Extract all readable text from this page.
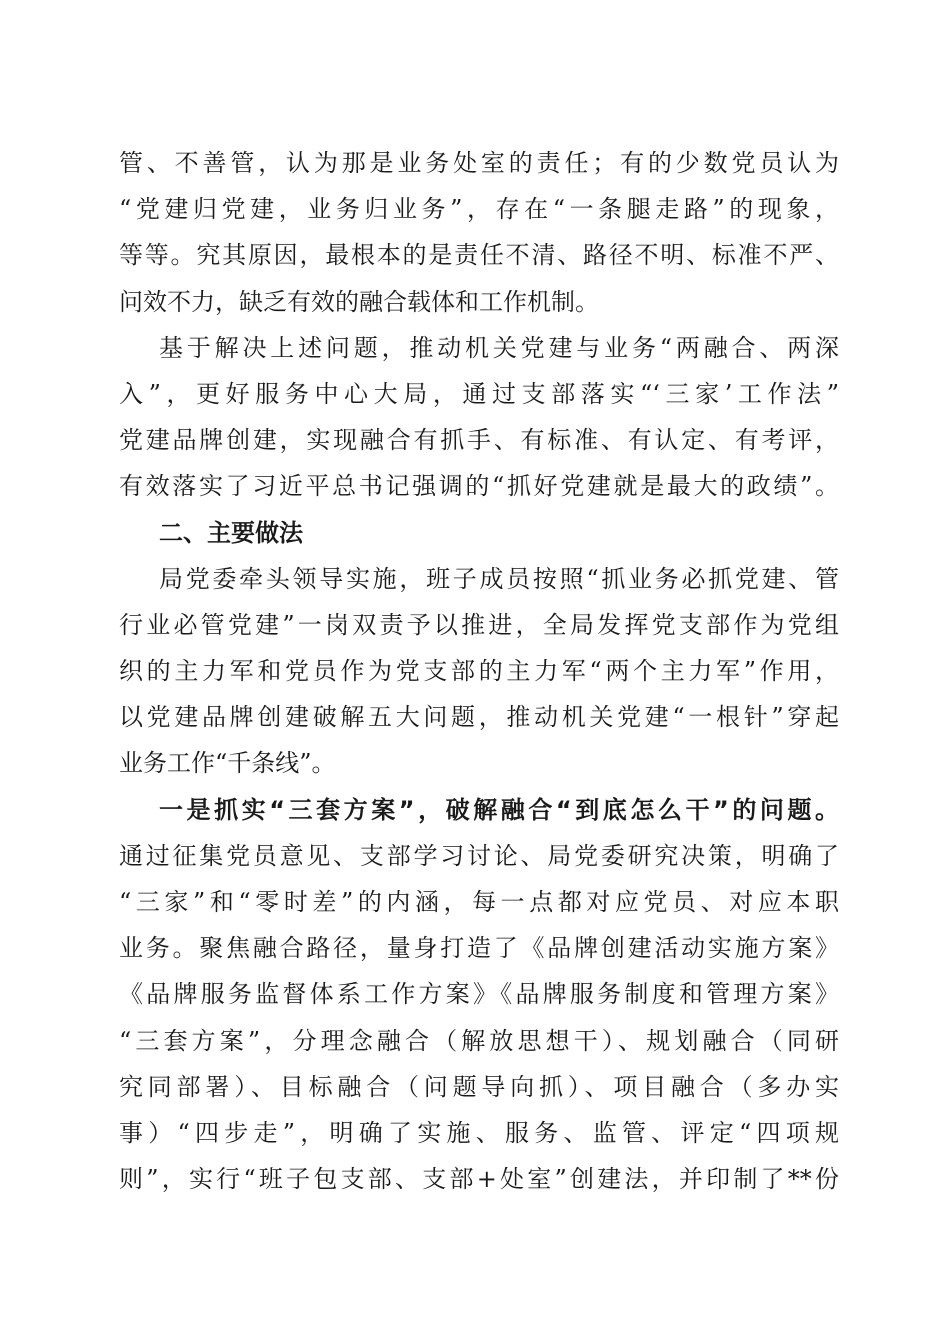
管、不善管，认为那是业务处室的责任；有的少数党员认为
“党建归党建，业务归业务”，存在“一条腿走路”的现象，
等等。究其原因，最根本的是责任不清、路径不明、标准不严、
问效不力，缺乏有效的融合载体和工作机制。
基于解决上述问题，推动机关党建与业务“两融合、两深
入”，更好服务中心大局，通过支部落实“‘三家’工作法”
党建品牌创建，实现融合有抓手、有标准、有认定、有考评，
有效落实了习近平总书记强调的“抓好党建就是最大的政绩”。
二、主要做法
局党委牵头领导实施，班子成员按照“抓业务必抓党建、管
行业必管党建”一岗双责予以推进，全局发挥党支部作为党组
织的主力军和党员作为党支部的主力军“两个主力军”作用，
以党建品牌创建破解五大问题，推动机关党建“一根针”穿起
业务工作“千条线”。
一是抓实“三套方案”，破解融合“到底怎么干”的问题。
通过征集党员意见、支部学习讨论、局党委研究决策，明确了
“三家”和“零时差”的内涵，每一点都对应党员、对应本职
业务。聚焦融合路径，量身打造了《品牌创建活动实施方案》
《品牌服务监督体系工作方案》《品牌服务制度和管理方案》
“三套方案”，分理念融合（解放思想干）、规划融合（同研
究同部署）、目标融合（问题导向抓）、项目融合（多办实
事）“四步走”，明确了实施、服务、监管、评定“四项规
则”，实行“班子包支部、支部+处室”创建法，并印制了**份
